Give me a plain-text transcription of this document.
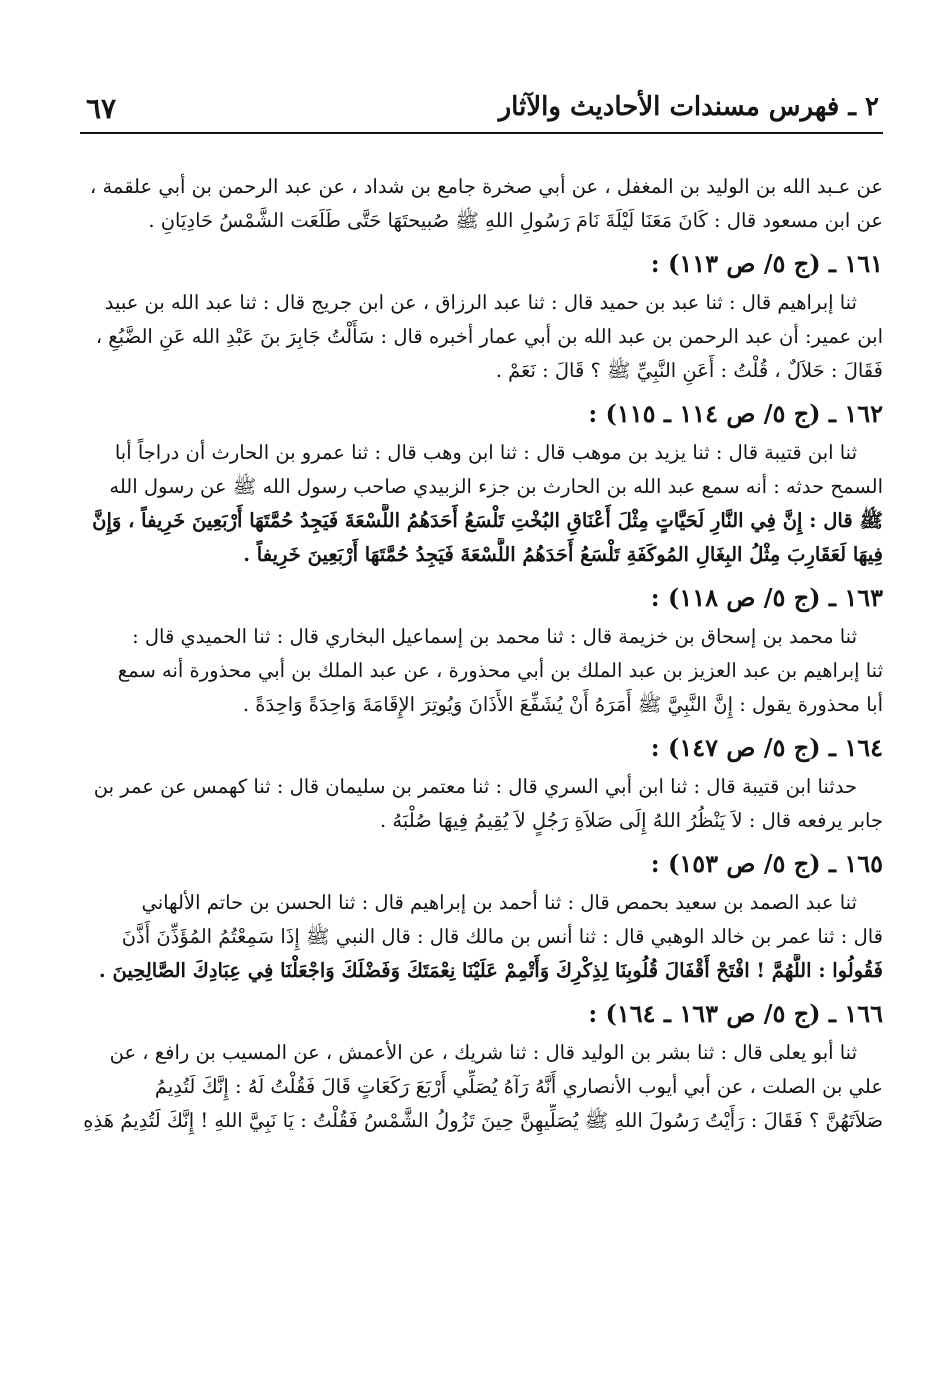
٦٧	٢ ـ فهرس مسندات الأحاديث والآثار
عن عـبد الله بن الوليد بن المغفل ، عن أبي صخرة جامع بن شداد ، عن عبد الرحمن بن أبي علقمة ،
عن ابن مسعود قال : كَانَ مَعَنَا لَيْلَةَ نَامَ رَسُولِ اللهِ ﷺ صُبيحتَهَا حَتَّى طَلَعَت الشَّمْسُ حَادِيَانِ .
١٦١ ـ (ج ٥/ ص ١١٣) :
ثنا إبراهيم قال : ثنا عبد بن حميد قال : ثنا عبد الرزاق ، عن ابن جريج قال : ثنا عبد الله بن عبيد
ابن عمير: أن عبد الرحمن بن عبد الله بن أبي عمار أخبره قال : سَأَلْتُ جَابِرَ بنَ عَبْدِ الله عَنِ الضَّبُعِ ،
فَقَالَ : حَلاَلٌ ، قُلْتُ : أَعَنِ النَّبِيِّ ﷺ ؟ قَالَ : نَعَمْ .
١٦٢ ـ (ج ٥/ ص ١١٤ ـ ١١٥) :
ثنا ابن قتيبة قال : ثنا يزيد بن موهب قال : ثنا ابن وهب قال : ثنا عمرو بن الحارث أن دراجاً أبا
السمح حدثه : أنه سمع عبد الله بن الحارث بن جزء الزبيدي صاحب رسول الله ﷺ عن رسول الله
ﷺ قال : إِنَّ فِي النَّارِ لَحَيَّاتٍ مِثْلَ أَعْنَاقِ البُخْتِ تَلْسَعُ أَحَدَهُمُ اللَّسْعَةَ فَيَجِدُ حُمَّتَهَا أَرْبَعِينَ خَرِيفاً ، وَإِنَّ
فِيهَا لَعَقَارِبَ مِثْلُ البِغَالِ المُوكَفَةِ تَلْسَعُ أَحَدَهُمُ اللَّسْعَةَ فَيَجِدُ حُمَّتَهَا أَرْبَعِينَ خَرِيفاً .
١٦٣ ـ (ج ٥/ ص ١١٨) :
ثنا محمد بن إسحاق بن خزيمة قال : ثنا محمد بن إسماعيل البخاري قال : ثنا الحميدي قال :
ثنا إبراهيم بن عبد العزيز بن عبد الملك بن أبي محذورة ، عن عبد الملك بن أبي محذورة أنه سمع
أبا محذورة يقول : إِنَّ النَّبِيَّ ﷺ أَمَرَهُ أَنْ يُشَفِّعَ الأَذَانَ وَيُوتِرَ الإِقَامَةَ وَاحِدَةً وَاحِدَةً .
١٦٤ ـ (ج ٥/ ص ١٤٧) :
حدثنا ابن قتيبة قال : ثنا ابن أبي السري قال : ثنا معتمر بن سليمان قال : ثنا كهمس عن عمر بن
جابر يرفعه قال : لاَ يَنْظُرُ اللهُ إِلَى صَلاَةِ رَجُلٍ لاَ يُقِيمُ فِيهَا صُلْبَهُ .
١٦٥ ـ (ج ٥/ ص ١٥٣) :
ثنا عبد الصمد بن سعيد بحمص قال : ثنا أحمد بن إبراهيم قال : ثنا الحسن بن حاتم الألهاني
قال : ثنا عمر بن خالد الوهبي قال : ثنا أنس بن مالك قال : قال النبي ﷺ إِذَا سَمِعْتُمُ المُؤَذِّنَ أَذَّنَ
فَقُولُوا : اللَّهُمَّ ! افْتَحْ أَقْفَالَ قُلُوبِنَا لِذِكْرِكَ وَأَتْمِمْ عَلَيْنَا نِعْمَتَكَ وَفَضْلَكَ وَاجْعَلْنَا فِي عِبَادِكَ الصَّالِحِينَ .
١٦٦ ـ (ج ٥/ ص ١٦٣ ـ ١٦٤) :
ثنا أبو يعلى قال : ثنا بشر بن الوليد قال : ثنا شريك ، عن الأعمش ، عن المسيب بن رافع ، عن
علي بن الصلت ، عن أبي أيوب الأنصاري أَنَّهُ رَآهُ يُصَلِّي أَرْبَعَ رَكَعَاتٍ قَالَ فَقُلْتُ لَهُ : إِنَّكَ لَتُدِيمُ
صَلاَتَهُنَّ ؟ فَقَالَ : رَأَيْتُ رَسُولَ اللهِ ﷺ يُصَلِّيهِنَّ حِينَ تَزُولُ الشَّمْسُ فَقُلْتُ : يَا نَبِيَّ اللهِ ! إِنَّكَ لَتُدِيمُ هَذِهِ
